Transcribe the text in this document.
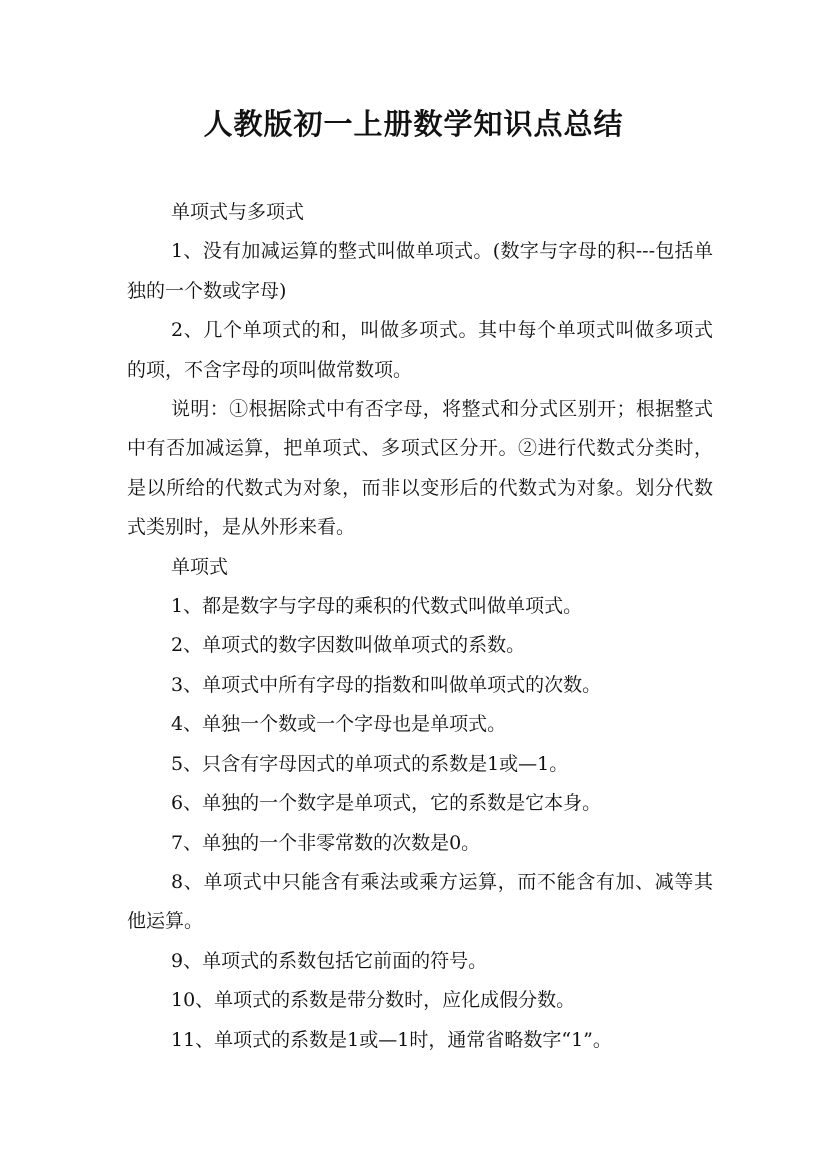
人教版初一上册数学知识点总结

单项式与多项式

1、没有加减运算的整式叫做单项式。(数字与字母的积---包括单独的一个数或字母)

2、几个单项式的和，叫做多项式。其中每个单项式叫做多项式的项，不含字母的项叫做常数项。

说明：①根据除式中有否字母，将整式和分式区别开；根据整式中有否加减运算，把单项式、多项式区分开。②进行代数式分类时，是以所给的代数式为对象，而非以变形后的代数式为对象。划分代数式类别时，是从外形来看。

单项式

1、都是数字与字母的乘积的代数式叫做单项式。

2、单项式的数字因数叫做单项式的系数。

3、单项式中所有字母的指数和叫做单项式的次数。

4、单独一个数或一个字母也是单项式。

5、只含有字母因式的单项式的系数是1或—1。

6、单独的一个数字是单项式，它的系数是它本身。

7、单独的一个非零常数的次数是0。

8、单项式中只能含有乘法或乘方运算，而不能含有加、减等其他运算。

9、单项式的系数包括它前面的符号。

10、单项式的系数是带分数时，应化成假分数。

11、单项式的系数是1或—1时，通常省略数字“1”。
